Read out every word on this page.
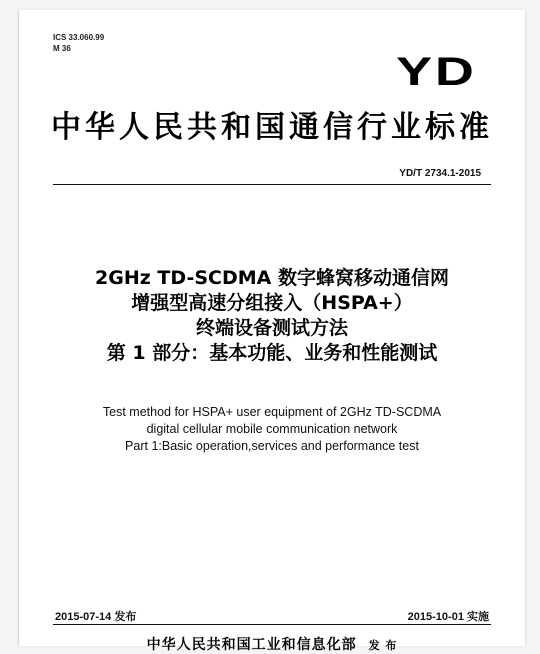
ICS 33.060.99
M 36
YD
中华人民共和国通信行业标准
YD/T 2734.1-2015
2GHz TD-SCDMA 数字蜂窝移动通信网
增强型高速分组接入（HSPA+）
终端设备测试方法
第 1 部分：基本功能、业务和性能测试
Test method for HSPA+ user equipment of 2GHz TD-SCDMA
digital cellular mobile communication network
Part 1:Basic operation,services and performance test
2015-07-14 发布	2015-10-01 实施
中华人民共和国工业和信息化部 发 布
